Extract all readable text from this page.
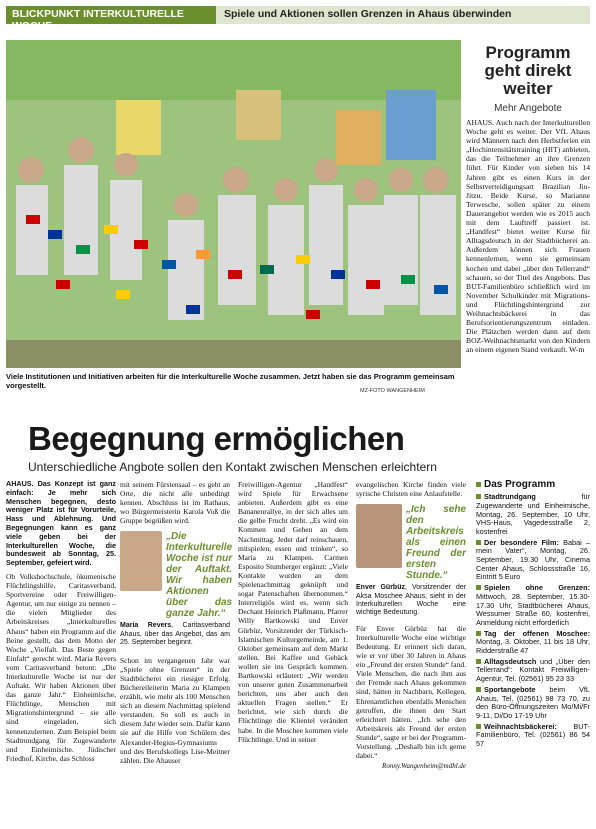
BLICKPUNKT INTERKULTURELLE WOCHE
Spiele und Aktionen sollen Grenzen in Ahaus überwinden
Viele Institutionen und Initiativen arbeiten für die Interkulturelle Woche zusammen. Jetzt haben sie das Programm gemeinsam vorgestellt.
MZ-FOTO WANGENHEIM
Programm geht direkt weiter
Mehr Angebote

AHAUS. Auch nach der Interkulturellen Woche geht es weiter. Der VfL Ahaus wird Männern nach den Herbstferien ein „Hochintensitätstraining (HIT) anbieten, das die Teilnehmer an ihre Grenzen führt. Für Kinder von sieben bis 14 Jahren gibt es einen Kurs in der Selbstverteidigungsart Brazilian Jiu-Jitzu. Beide Kurse, so Marianne Terwesche, sollen später zu einem Dauerangebot werden wie es 2015 auch mit dem Lauftreff passiert ist. „Handfest“ bietet weiter Kurse für Alltagsdeutsch in der Stadtbücherei an. Außerdem können sich Frauen kennenlernen, wenn sie gemeinsam kochen und dabei „über den Tellerrand“ schauen, so der Titel des Angebots. Das BUT-Familienbüro schließlich wird im November Schulkinder mit Migrations- und Flüchtlingshintergrund zur Weihnachtsbäckerei in das Berufsorientierungszentrum einladen. Die Plätzchen werden dann auf dem BOZ-Weihnachtsmarkt von den Kindern an einem eigenen Stand verkauft. W-m

Begegnung ermöglichen
Unterschiedliche Angbote sollen den Kontakt zwischen Menschen erleichtern

AHAUS. Das Konzept ist ganz einfach: Je mehr sich Menschen begegnen, desto weniger Platz ist für Vorurteile, Hass und Ablehnung. Und Begegnungen kann es ganz viele geben bei der Interkulturellen Woche, die bundesweit ab Sonntag, 25. September, gefeiert wird.

Ob Volkshochschule, ökumenische Flüchtlingshilfe, Caritasverband, Sportvereine oder Freiwilligen-Agentur, um nur einige zu nennen – die vielen Mitglieder des Arbeitskreises „Interkulturelles Ahaus“ haben ein Programm auf die Beine gestellt, das dem Motto der Woche „Vielfalt. Das Beste gegen Einfalt“ gerecht wird. Maria Revers vom Caritasverband betont: „Die Interkulturelle Woche ist nur der Auftakt. Wir haben Aktionen über das ganze Jahr.“ Einheimische, Flüchtlinge, Menschen mit Migrationshintergrund – sie alle sind eingeladen, sich kennenzulernen. Zum Beispiel beim Stadtrundgang für Zugewanderte und Einheimische. Jüdischer Friedhof, Kirche, das Schloss

mit seinem Fürstensaal – es geht an Orte, die nicht alle unbedingt kennen. Abschluss ist im Rathaus, wo Bürgermeisterin Karola Voß die Gruppe begrüßen wird.

„Die Interkulturelle Woche ist nur der Auftakt. Wir haben Aktionen über das ganze Jahr.“

Maria Revers, Caritasverband Ahaus, über das Angebot, das am 25. September beginnt.

Schon im vergangenen Jahr war „Spiele ohne Grenzen“ in der Stadtbücherei ein riesiger Erfolg. Büchereileiterin Maria zu Klampen erzählt, wie mehr als 100 Menschen sich an diesem Nachmittag spielend verstanden. So soll es auch in diesem Jahr wieder sein. Dafür kann sie auf die Hilfe von Schülern des Alexander-Hegius-Gymnasiums und des Berufskollegs Lise-Meitner zählen. Die Ahauser

Freiwilligen-Agentur „Handfest“ wird Spiele für Erwachsene anbieten. Außerdem gibt es eine Bananenrallye, in der sich alles um die gelbe Frucht dreht. „Es wird ein Kommen und Gehen an dem Nachmittag. Jeder darf reinschauen, mitspielen, essen und trinken“, so Maria zu Klampen. Carmen Esposito Stumberger ergänzt: „Viele Kontakte wurden an dem Spielenachmittag geknüpft und sogar Patenschaften übernommen.“ Interreligiös wird es, wenn sich Dechant Heinrich Plaßmann, Pfarrer Willy Bartkowski und Enver Gürbüz, Vorsitzender der Türkisch-Islamischen Kulturgemeinde, am 1. Oktober gemeinsam auf dem Markt stellen. Bei Kaffee und Gebäck wollen sie ins Gespräch kommen. Bartkowski erläutert: „Wir werden von unserer guten Zusammenarbeit berichten, uns aber auch den aktuellen Fragen stellen.“ Er berichtet, wie sich durch die Flüchtlinge die Klientel verändert habe. In die Moschee kommen viele Flüchtlinge. Und in seiner

evangelischen Kirche finden viele syrische Christen eine Anlaufstelle.

„Ich sehe den Arbeitskreis als einen Freund der ersten Stunde.“

Enver Gürbüz, Vorsitzender der Aksa Moschee Ahaus, sieht in der Interkulturellen Woche eine wichtige Bedeutung.

Für Enver Gürbüz hat die Interkulturelle Woche eine wichtige Bedeutung. Er erinnert sich daran, wie er vor über 30 Jahren in Ahaus ein „Freund der ersten Stunde“ fand. Viele Menschen, die nach ihm aus der Fremde nach Ahaus gekommen sind, hätten in Nachbarn, Kollegen, Ehrenamtlichen ebenfalls Menschen getroffen, die ihnen den Start erleichtert hätten. „Ich sehe den Arbeitskreis als Freund der ersten Stunde“, sagte er bei der Programm-Vorstellung. „Deshalb bin ich gerne dabei.“

Ronny.Wangenheim@mdhl.de

Das Programm
Stadtrundgang für Zugewanderte und Einheimische, Montag, 26. September, 10 Uhr, VHS-Haus, Vagedesstraße 2, kostenfrei
Der besondere Film: Babai – mein Vater“, Montag, 26. September, 19.30 Uhr, Cinema Center Ahaus, Schlossstraße 16, Eintritt 5 Euro
Spielen ohne Grenzen: Mittwoch, 28. September, 15.30-17.30 Uhr, Stadtbücherei Ahaus, Wessumer Straße 60, kostenfrei, Anmeldung nicht erforderlich
Tag der offenen Moschee: Montag, 3. Oktober, 11 bis 18 Uhr, Ridderstraße 47
Alltagsdeutsch und „Über den Tellerrand“: Kontakt Freiwilligen-Agentur, Tel. (02561) 95 23 33
Sportangebote beim VfL Ahaus, Tel. (02561) 98 73 70, zu den Büro-Öffnungszeiten Mo/Mi/Fr 9-11, Di/Do 17-19 Uhr
Weihnachtsbäckerei: BUT-Familienbüro, Tel. (02561) 86 54 57
